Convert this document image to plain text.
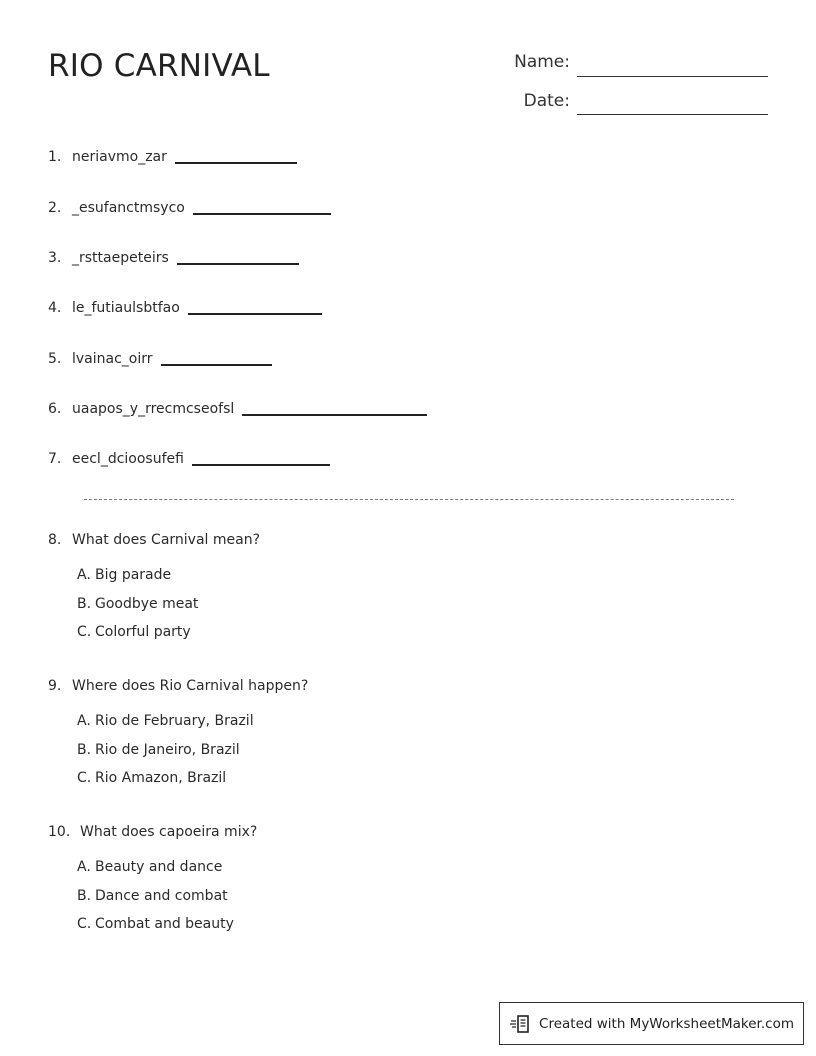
RIO CARNIVAL	Name:
Date:
1. neriavmo_zar
2. _esufanctmsyco
3. _rsttaepeteirs
4. le_futiaulsbtfao
5. lvainac_oirr
6. uaapos_y_rrecmcseofsl
7. eecl_dcioosufefi
8. What does Carnival mean?
A. Big parade
B. Goodbye meat
C. Colorful party
9. Where does Rio Carnival happen?
A. Rio de February, Brazil
B. Rio de Janeiro, Brazil
C. Rio Amazon, Brazil
10. What does capoeira mix?
A. Beauty and dance
B. Dance and combat
C. Combat and beauty
Created with MyWorksheetMaker.com
